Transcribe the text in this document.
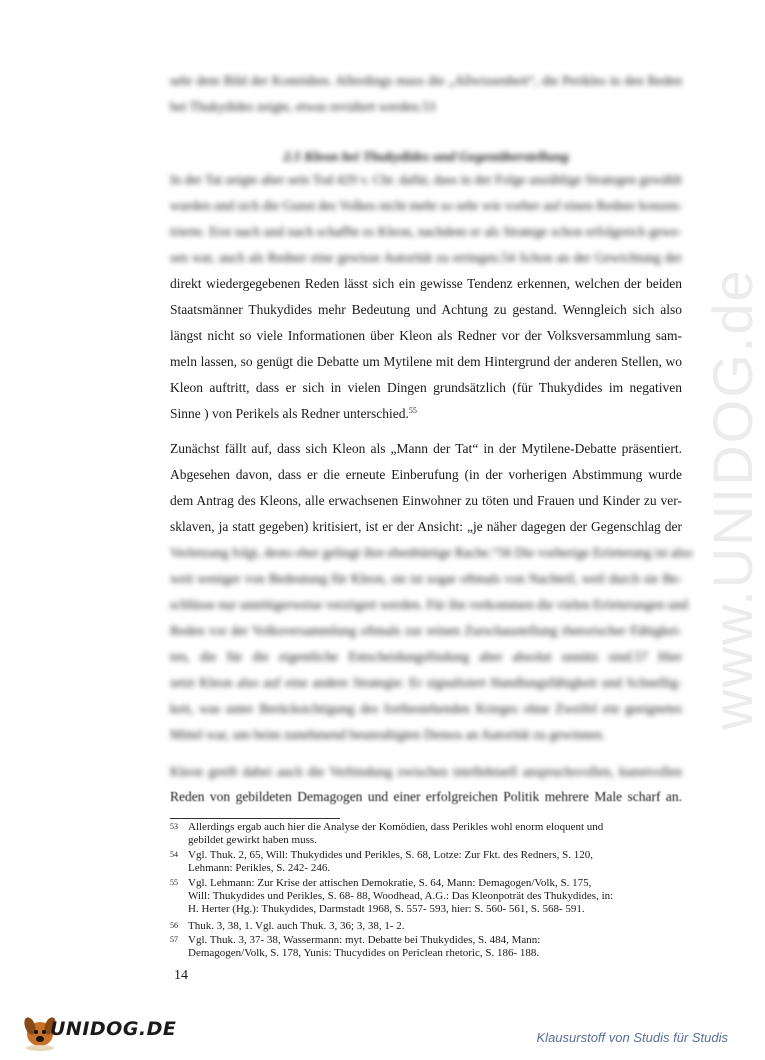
www.UNIDOG.de
sehr dem Bild der Komödien. Allerdings muss die „Allwissenheit“, die Perikles in den Reden
bei Thukydides zeigte, etwas revidiert werden.53
2.5 Kleon bei Thukydides und Gegenüberstellung
In der Tat zeigte aber sein Tod 429 v. Chr. dafür, dass in der Folge unzählige Strategen gewählt
wurden und sich die Gunst des Volkes nicht mehr so sehr wie vorher auf einen Redner konzen-
trierte. Erst nach und nach schaffte es Kleon, nachdem er als Stratege schon erfolgreich gewe-
sen war, auch als Redner eine gewisse Autorität zu erringen.54 Schon an der Gewichtung der
direkt wiedergegebenen Reden lässt sich ein gewisse Tendenz erkennen, welchen der beiden
Staatsmänner Thukydides mehr Bedeutung und Achtung zu gestand. Wenngleich sich also
längst nicht so viele Informationen über Kleon als Redner vor der Volksversammlung sam-
meln lassen, so genügt die Debatte um Mytilene mit dem Hintergrund der anderen Stellen, wo
Kleon auftritt, dass er sich in vielen Dingen grundsätzlich (für Thukydides im negativen
Sinne ) von Perikels als Redner unterschied.$^{55}$
Zunächst fällt auf, dass sich Kleon als „Mann der Tat“ in der Mytilene-Debatte präsentiert.
Abgesehen davon, dass er die erneute Einberufung (in der vorherigen Abstimmung wurde
dem Antrag des Kleons, alle erwachsenen Einwohner zu töten und Frauen und Kinder zu ver-
sklaven, ja statt gegeben) kritisiert, ist er der Ansicht: „je näher dagegen der Gegenschlag der
Verletzung folgt, desto eher gelingt ihre ebenbürtige Rache.“56 Die vorherige Erörterung ist also
weit weniger von Bedeutung für Kleon, sie ist sogar oftmals von Nachteil, weil durch sie Be-
schlüsse nur unnötigerweise verzögert werden. Für ihn verkommen die vielen Erörterungen und
Reden vor der Volksversammlung oftmals zur reinen Zurschaustellung rhetorischer Fähigkei-
ten, die für die eigentliche Entscheidungsfindung aber absolut unnütz sind.57 Hier
setzt Kleon also auf eine andere Strategie: Er signalisiert Handlungsfähigkeit und Schnellig-
keit, was unter Berücksichtigung des fortbestehenden Krieges ohne Zweifel ein geeignetes
Mittel war, um beim zunehmend beunruhigten Demos an Autorität zu gewinnen.
Kleon greift dabei auch die Verbindung zwischen intellektuell anspruchsvollen, kunstvollen
Reden von gebildeten Demagogen und einer erfolgreichen Politik mehrere Male scharf an.
53 Allerdings ergab auch hier die Analyse der Komödien, dass Perikles wohl enorm eloquent und
gebildet gewirkt haben muss.
54 Vgl. Thuk. 2, 65, Will: Thukydides und Perikles, S. 68, Lotze: Zur Fkt. des Redners, S. 120,
Lehmann: Perikles, S. 242- 246.
55 Vgl. Lehmann: Zur Krise der attischen Demokratie, S. 64, Mann: Demagogen/Volk, S. 175,
Will: Thukydides und Perikles, S. 68- 88, Woodhead, A.G.: Das Kleonpoträt des Thukydides, in:
H. Herter (Hg.): Thukydides, Darmstadt 1968, S. 557- 593, hier: S. 560- 561, S. 568- 591.
56 Thuk. 3, 38, 1. Vgl. auch Thuk. 3, 36; 3, 38, 1- 2.
57 Vgl. Thuk. 3, 37- 38, Wassermann: myt. Debatte bei Thukydides, S. 484, Mann:
Demagogen/Volk, S. 178, Yunis: Thucydides on Periclean rhetoric, S. 186- 188.
14
UNIDOG.DE	Klausurstoff von Studis für Studis
